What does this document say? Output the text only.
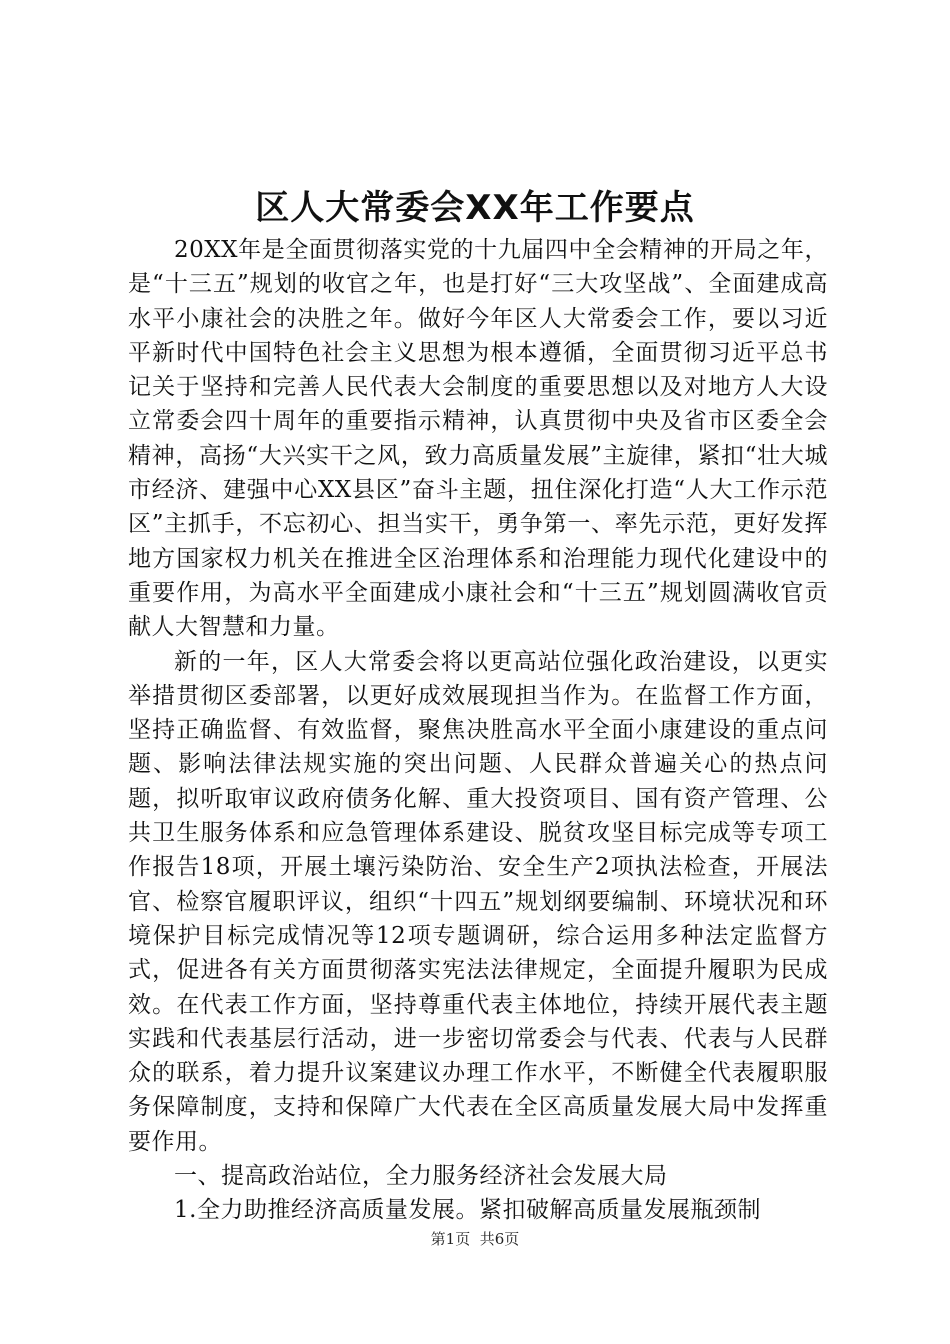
区人大常委会XX年工作要点

20XX年是全面贯彻落实党的十九届四中全会精神的开局之年，是“十三五”规划的收官之年，也是打好“三大攻坚战”、全面建成高水平小康社会的决胜之年。做好今年区人大常委会工作，要以习近平新时代中国特色社会主义思想为根本遵循，全面贯彻习近平总书记关于坚持和完善人民代表大会制度的重要思想以及对地方人大设立常委会四十周年的重要指示精神，认真贯彻中央及省市区委全会精神，高扬“大兴实干之风，致力高质量发展”主旋律，紧扣“壮大城市经济、建强中心XX县区”奋斗主题，扭住深化打造“人大工作示范区”主抓手，不忘初心、担当实干，勇争第一、率先示范，更好发挥地方国家权力机关在推进全区治理体系和治理能力现代化建设中的重要作用，为高水平全面建成小康社会和“十三五”规划圆满收官贡献人大智慧和力量。

新的一年，区人大常委会将以更高站位强化政治建设，以更实举措贯彻区委部署，以更好成效展现担当作为。在监督工作方面，坚持正确监督、有效监督，聚焦决胜高水平全面小康建设的重点问题、影响法律法规实施的突出问题、人民群众普遍关心的热点问题，拟听取审议政府债务化解、重大投资项目、国有资产管理、公共卫生服务体系和应急管理体系建设、脱贫攻坚目标完成等专项工作报告18项，开展土壤污染防治、安全生产2项执法检查，开展法官、检察官履职评议，组织“十四五”规划纲要编制、环境状况和环境保护目标完成情况等12项专题调研，综合运用多种法定监督方式，促进各有关方面贯彻落实宪法法律规定，全面提升履职为民成效。在代表工作方面，坚持尊重代表主体地位，持续开展代表主题实践和代表基层行活动，进一步密切常委会与代表、代表与人民群众的联系，着力提升议案建议办理工作水平，不断健全代表履职服务保障制度，支持和保障广大代表在全区高质量发展大局中发挥重要作用。

一、提高政治站位，全力服务经济社会发展大局

1.全力助推经济高质量发展。紧扣破解高质量发展瓶颈制

第1页 共6页
